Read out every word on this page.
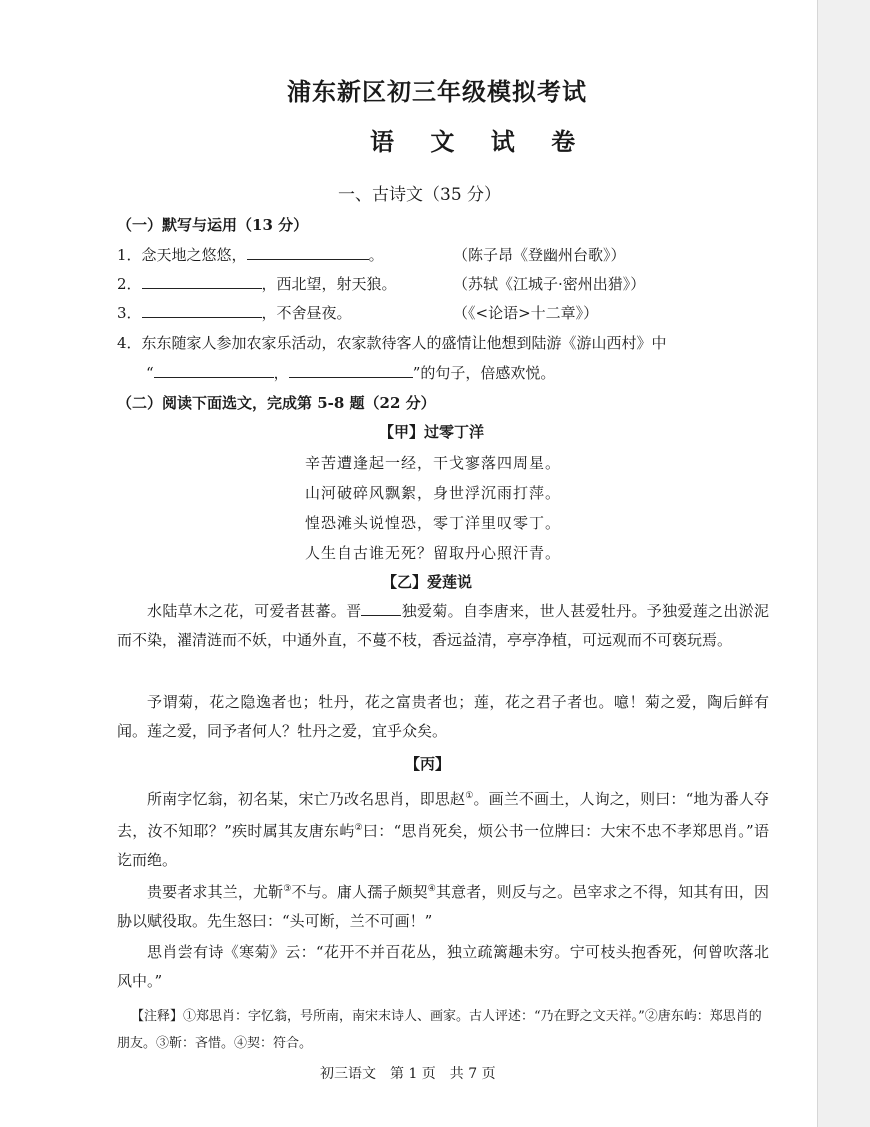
浦东新区初三年级模拟考试
语 文 试 卷
一、古诗文（35 分）
（一）默写与运用（13 分）
1．念天地之悠悠，	。	（陈子昂《登幽州台歌》）
2．	，西北望，射天狼。	（苏轼《江城子·密州出猎》）
3．	，不舍昼夜。	（《<论语>十二章》）
4．东东随家人参加农家乐活动，农家款待客人的盛情让他想到陆游《游山西村》中
“	，	”的句子，倍感欢悦。
（二）阅读下面选文，完成第 5-8 题（22 分）
【甲】过零丁洋
辛苦遭逢起一经，干戈寥落四周星。
山河破碎风飘絮，身世浮沉雨打萍。
惶恐滩头说惶恐，零丁洋里叹零丁。
人生自古谁无死？留取丹心照汗青。
【乙】爱莲说
水陆草木之花，可爱者甚蕃。晋	独爱菊。自李唐来，世人甚爱牡丹。予独爱莲之出淤泥而不染，濯清涟而不妖，中通外直，不蔓不枝，香远益清，亭亭净植，可远观而不可亵玩焉。
予谓菊，花之隐逸者也；牡丹，花之富贵者也；莲，花之君子者也。噫！菊之爱，陶后鲜有闻。莲之爱，同予者何人？牡丹之爱，宜乎众矣。
【丙】
所南字忆翁，初名某，宋亡乃改名思肖，即思赵①。画兰不画土，人询之，则曰：“地为番人夺去，汝不知耶？”疾时属其友唐东屿②曰：“思肖死矣，烦公书一位牌曰：大宋不忠不孝郑思肖。”语讫而绝。
贵要者求其兰，尤靳③不与。庸人孺子颇契④其意者，则反与之。邑宰求之不得，知其有田，因胁以赋役取。先生怒曰：“头可断，兰不可画！”
思肖尝有诗《寒菊》云：“花开不并百花丛，独立疏篱趣未穷。宁可枝头抱香死，何曾吹落北风中。”
【注释】①郑思肖：字忆翁，号所南，南宋末诗人、画家。古人评述：“乃在野之文天祥。”②唐东屿：郑思肖的朋友。③靳：吝惜。④契：符合。
初三语文　第 1 页　共 7 页
